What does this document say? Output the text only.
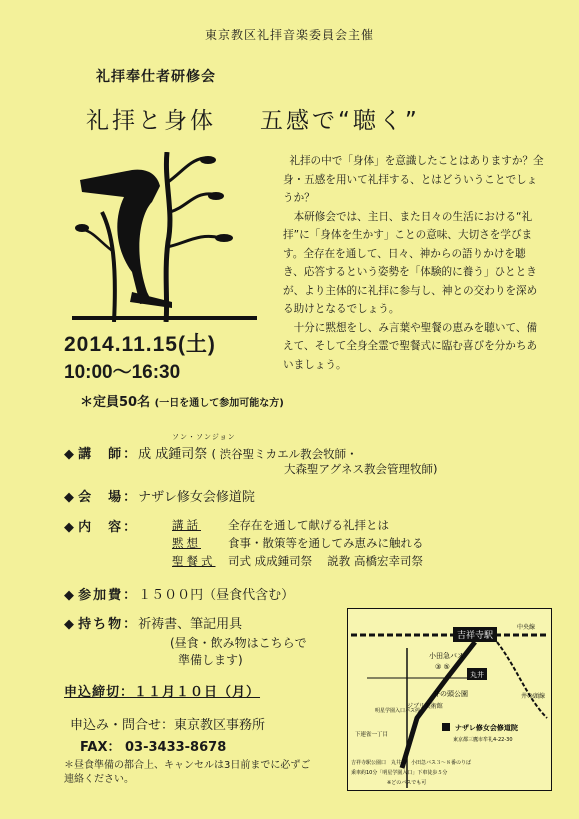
東京教区礼拝音楽委員会主催
礼拝奉仕者研修会
礼拝と身体 五感で“聴く”

礼拝の中で「身体」を意識したことはありますか？全身・五感を用いて礼拝する、とはどういうことでしょうか？

本研修会では、主日、また日々の生活における“礼拝”に「身体を生かす」ことの意味、大切さを学びます。全存在を通して、日々、神からの語りかけを聴き、応答するという姿勢を「体験的に養う」ひとときが、より主体的に礼拝に参与し、神との交わりを深める助けとなるでしょう。

十分に黙想をし、み言葉や聖餐の恵みを聴いて、備えて、そして全身全霊で聖餐式に臨む喜びを分かちあいましょう。

2014.11.15(土)
10:00〜16:30
＊定員50名 (一日を通して参加可能な方)
ソン・ソンジョン
◆ 講　師：成 成鍾司祭 ( 渋谷聖ミカエル教会牧師・
大森聖アグネス教会管理牧師)
◆ 会　場：ナザレ修女会修道院
◆ 内　容：	講話 全存在を通して献げる礼拝とは
黙想 食事・散策等を通してみ恵みに触れる
聖餐式 司式 成成鍾司祭　 説教 高橋宏幸司祭
◆ 参加費：１５００円（昼食代含む）
◆ 持ち物：祈祷書、筆記用具
(昼食・飲み物はこちらで
準備します)
申込締切：１１月１０日（月）
申込み・問合せ：東京教区事務所
FAX： 03-3433-8678
＊昼食準備の都合上、キャンセルは3日前までに必ずご連絡ください。
吉祥寺駅
中央線
井の頭線
小田急バス
③ ⑤
丸井
井の頭公園
ジブリ美術館
下連雀一丁目
明星学園入口バス停
ナザレ修女会修道院
東京都三鷹市牟礼4-22-30
吉祥寺駅公園口　丸井前　小田急バス３〜８番のりば
乗車約10分「明星学園入口」下車徒歩５分
※どのバスでも可
